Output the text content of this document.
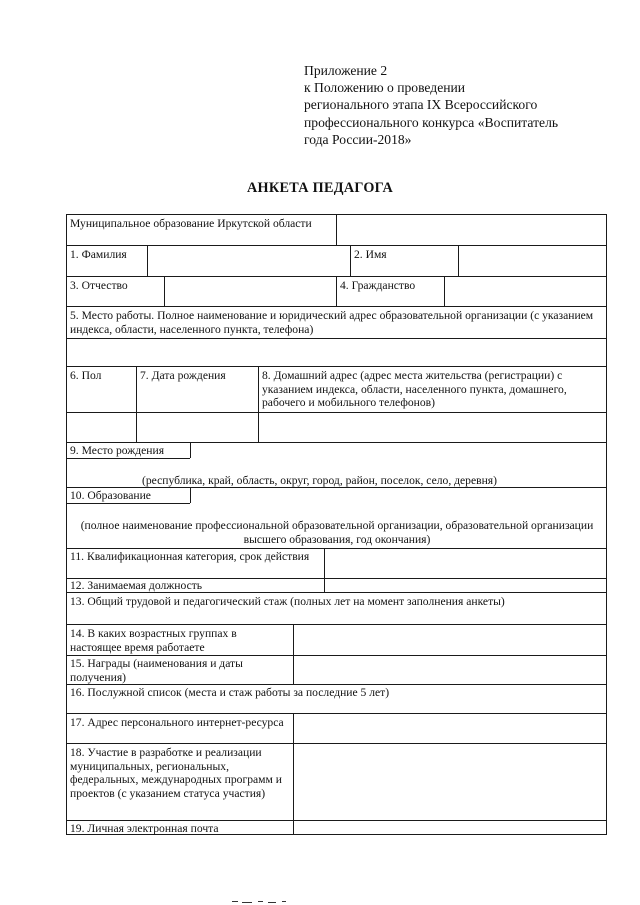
Приложение 2
к Положению о проведении
регионального этапа IX Всероссийского
профессионального конкурса «Воспитатель
года России-2018»
АНКЕТА ПЕДАГОГА
Муниципальное образование Иркутской области
1. Фамилия	2. Имя
3. Отчество	4. Гражданство
5. Место работы. Полное наименование и юридический адрес образовательной организации (с указанием индекса, области, населенного пункта, телефона)
6. Пол	7. Дата рождения	8. Домашний адрес (адрес места жительства (регистрации) с указанием индекса, области, населенного пункта, домашнего, рабочего и мобильного телефонов)
9. Место рождения
(республика, край, область, округ, город, район, поселок, село, деревня)
10. Образование
(полное наименование профессиональной образовательной организации, образовательной организации высшего образования, год окончания)
11. Квалификационная категория, срок действия
12. Занимаемая должность
13. Общий трудовой и педагогический стаж (полных лет на момент заполнения анкеты)
14. В каких возрастных группах в настоящее время работаете
15. Награды (наименования и даты получения)
16. Послужной список (места и стаж работы за последние 5 лет)
17. Адрес персонального интернет-ресурса
18. Участие в разработке и реализации муниципальных, региональных, федеральных, международных программ и проектов (с указанием статуса участия)
19. Личная электронная почта
